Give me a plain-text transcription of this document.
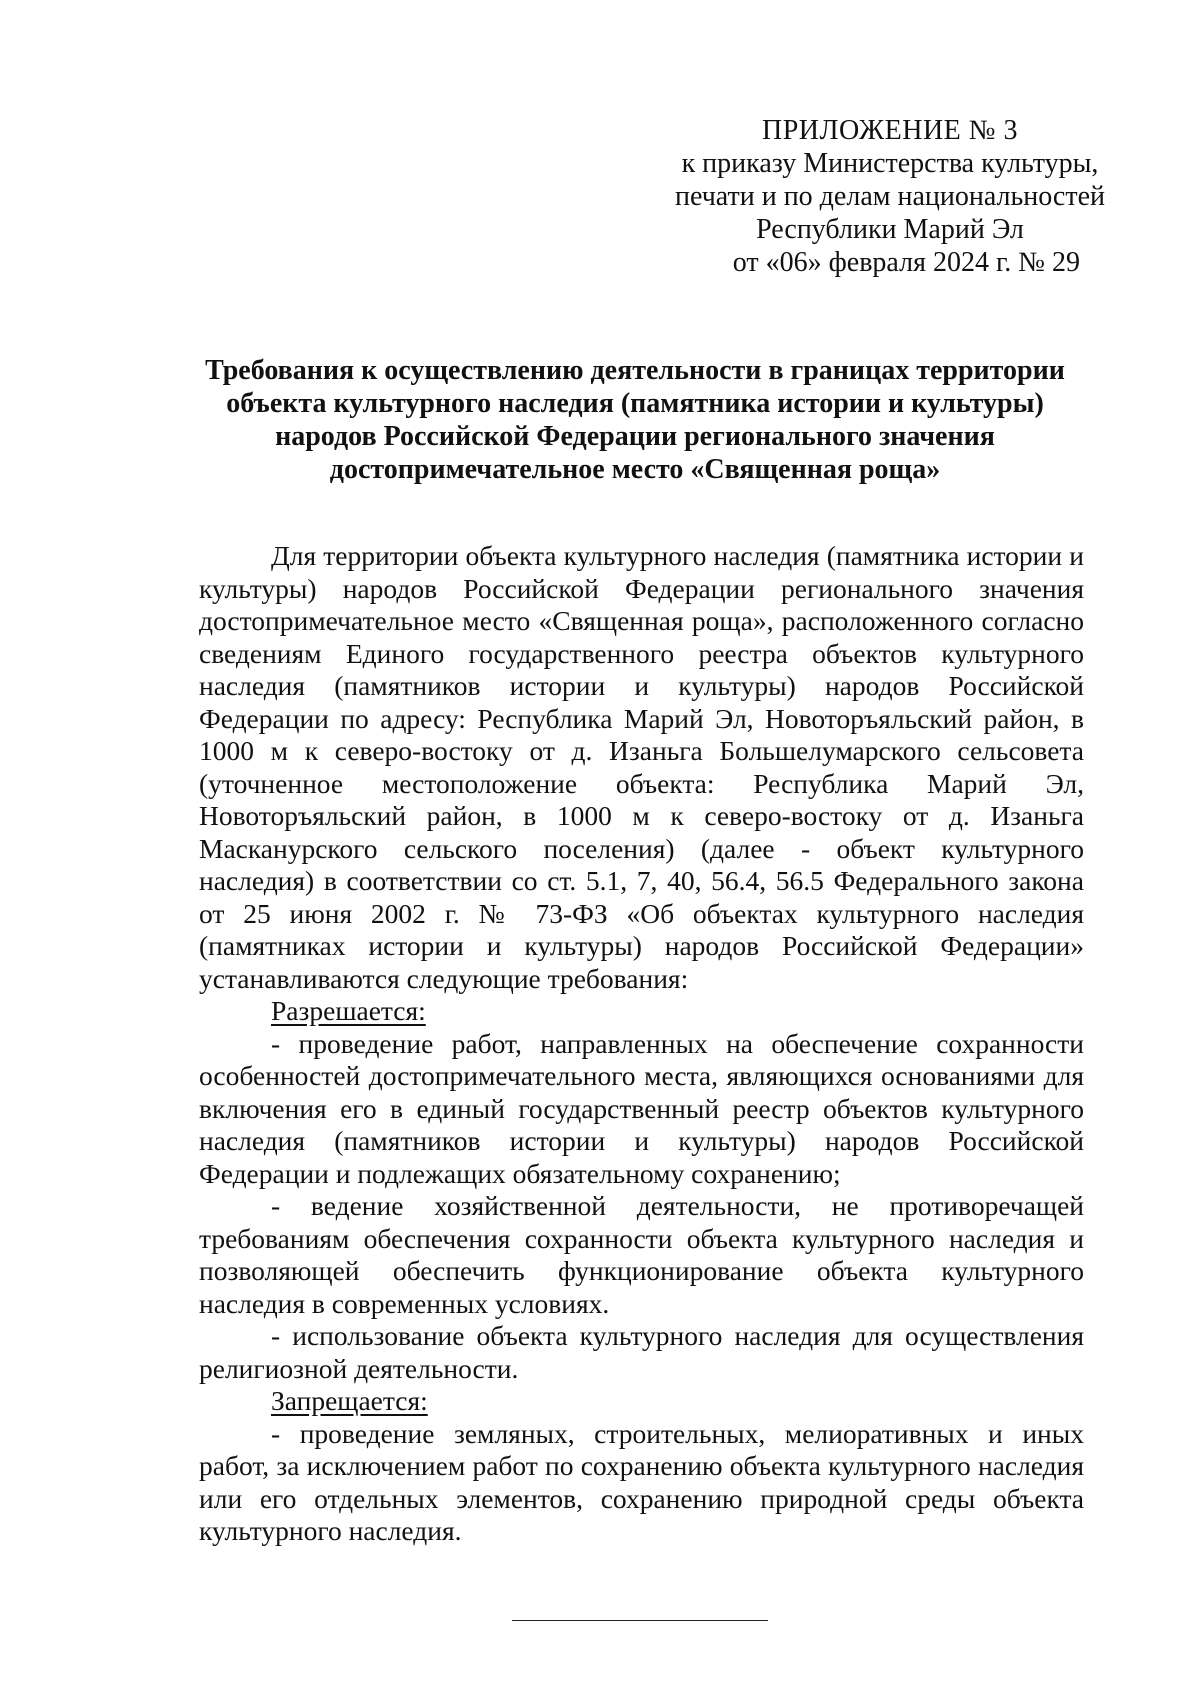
ПРИЛОЖЕНИЕ № 3
к приказу Министерства культуры,
печати и по делам национальностей
Республики Марий Эл
от «06» февраля 2024 г. № 29
Требования к осуществлению деятельности в границах территории
объекта культурного наследия (памятника истории и культуры)
народов Российской Федерации регионального значения
достопримечательное место «Священная роща»

Для территории объекта культурного наследия (памятника истории и культуры) народов Российской Федерации регионального значения достопримечательное место «Священная роща», расположенного согласно сведениям Единого государственного реестра объектов культурного наследия (памятников истории и культуры) народов Российской Федерации по адресу: Республика Марий Эл, Новоторъяльский район, в 1000 м к северо-востоку от д. Изаньга Большелумарского сельсовета (уточненное местоположение объекта: Республика Марий Эл, Новоторъяльский район, в 1000 м к северо-востоку от д. Изаньга Масканурского сельского поселения) (далее - объект культурного наследия) в соответствии со ст. 5.1, 7, 40, 56.4, 56.5 Федерального закона от 25 июня 2002 г. № 73-ФЗ «Об объектах культурного наследия (памятниках истории и культуры) народов Российской Федерации» устанавливаются следующие требования:

Разрешается:

- проведение работ, направленных на обеспечение сохранности особенностей достопримечательного места, являющихся основаниями для включения его в единый государственный реестр объектов культурного наследия (памятников истории и культуры) народов Российской Федерации и подлежащих обязательному сохранению;

- ведение хозяйственной деятельности, не противоречащей требованиям обеспечения сохранности объекта культурного наследия и позволяющей обеспечить функционирование объекта культурного наследия в современных условиях.

- использование объекта культурного наследия для осуществления религиозной деятельности.

Запрещается:

- проведение земляных, строительных, мелиоративных и иных работ, за исключением работ по сохранению объекта культурного наследия или его отдельных элементов, сохранению природной среды объекта культурного наследия.
